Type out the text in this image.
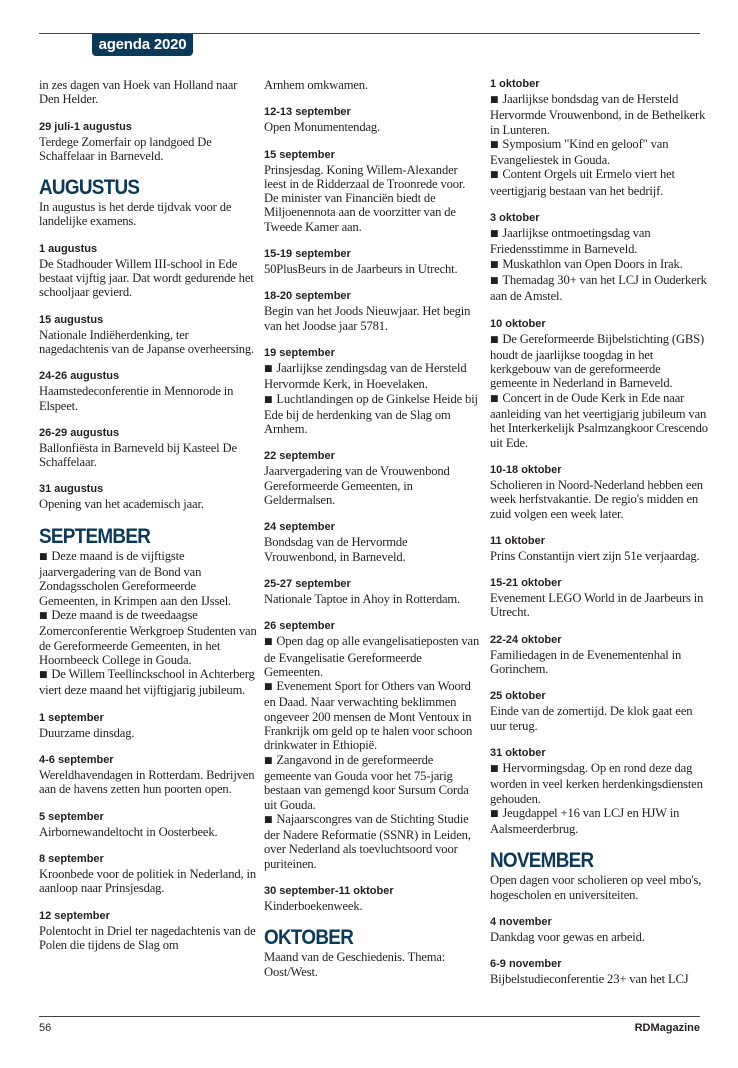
agenda 2020
in zes dagen van Hoek van Holland naar Den Helder.
29 juli-1 augustus
Terdege Zomerfair op landgoed De Schaffelaar in Barneveld.
AUGUSTUS
In augustus is het derde tijdvak voor de landelijke examens.
1 augustus
De Stadhouder Willem III-school in Ede bestaat vijftig jaar. Dat wordt gedurende het schooljaar gevierd.
15 augustus
Nationale Indiëherdenking, ter nagedachtenis van de Japanse overheersing.
24-26 augustus
Haamstedeconferentie in Mennorode in Elspeet.
26-29 augustus
Ballonfiësta in Barneveld bij Kasteel De Schaffelaar.
31 augustus
Opening van het academisch jaar.
SEPTEMBER
■ Deze maand is de vijftigste jaarvergadering van de Bond van Zondagsscholen Gereformeerde Gemeenten, in Krimpen aan den IJssel.
■ Deze maand is de tweedaagse Zomerconferentie Werkgroep Studenten van de Gereformeerde Gemeenten, in het Hoornbeeck College in Gouda.
■ De Willem Teellinckschool in Achterberg viert deze maand het vijftigjarig jubileum.
1 september
Duurzame dinsdag.
4-6 september
Wereldhavendagen in Rotterdam. Bedrijven aan de havens zetten hun poorten open.
5 september
Airbornewandeltocht in Oosterbeek.
8 september
Kroonbede voor de politiek in Nederland, in aanloop naar Prinsjesdag.
12 september
Polentocht in Driel ter nagedachtenis van de Polen die tijdens de Slag om
Arnhem omkwamen.
12-13 september
Open Monumentendag.
15 september
Prinsjesdag. Koning Willem-Alexander leest in de Ridderzaal de Troonrede voor. De minister van Financiën biedt de Miljoenennota aan de voorzitter van de Tweede Kamer aan.
15-19 september
50PlusBeurs in de Jaarbeurs in Utrecht.
18-20 september
Begin van het Joods Nieuwjaar. Het begin van het Joodse jaar 5781.
19 september
■ Jaarlijkse zendingsdag van de Hersteld Hervormde Kerk, in Hoevelaken.
■ Luchtlandingen op de Ginkelse Heide bij Ede bij de herdenking van de Slag om Arnhem.
22 september
Jaarvergadering van de Vrouwenbond Gereformeerde Gemeenten, in Geldermalsen.
24 september
Bondsdag van de Hervormde Vrouwenbond, in Barneveld.
25-27 september
Nationale Taptoe in Ahoy in Rotterdam.
26 september
■ Open dag op alle evangelisatieposten van de Evangelisatie Gereformeerde Gemeenten.
■ Evenement Sport for Others van Woord en Daad. Naar verwachting beklimmen ongeveer 200 mensen de Mont Ventoux in Frankrijk om geld op te halen voor schoon drinkwater in Ethiopië.
■ Zangavond in de gereformeerde gemeente van Gouda voor het 75-jarig bestaan van gemengd koor Sursum Corda uit Gouda.
■ Najaarscongres van de Stichting Studie der Nadere Reformatie (SSNR) in Leiden, over Nederland als toevluchtsoord voor puriteinen.
30 september-11 oktober
Kinderboekenweek.
OKTOBER
Maand van de Geschiedenis. Thema: Oost/West.
1 oktober
■ Jaarlijkse bondsdag van de Hersteld Hervormde Vrouwenbond, in de Bethelkerk in Lunteren.
■ Symposium "Kind en geloof" van Evangeliestek in Gouda.
■ Content Orgels uit Ermelo viert het veertigjarig bestaan van het bedrijf.
3 oktober
■ Jaarlijkse ontmoetingsdag van Friedensstimme in Barneveld.
■ Muskathlon van Open Doors in Irak.
■ Themadag 30+ van het LCJ in Ouderkerk aan de Amstel.
10 oktober
■ De Gereformeerde Bijbelstichting (GBS) houdt de jaarlijkse toogdag in het kerkgebouw van de gereformeerde gemeente in Nederland in Barneveld.
■ Concert in de Oude Kerk in Ede naar aanleiding van het veertigjarig jubileum van het Interkerkelijk Psalmzangkoor Crescendo uit Ede.
10-18 oktober
Scholieren in Noord-Nederland hebben een week herfstvakantie. De regio's midden en zuid volgen een week later.
11 oktober
Prins Constantijn viert zijn 51e verjaardag.
15-21 oktober
Evenement LEGO World in de Jaarbeurs in Utrecht.
22-24 oktober
Familiedagen in de Evenementenhal in Gorinchem.
25 oktober
Einde van de zomertijd. De klok gaat een uur terug.
31 oktober
■ Hervormingsdag. Op en rond deze dag worden in veel kerken herdenkingsdiensten gehouden.
■ Jeugdappel +16 van LCJ en HJW in Aalsmeerderbrug.
NOVEMBER
Open dagen voor scholieren op veel mbo's, hogescholen en universiteiten.
4 november
Dankdag voor gewas en arbeid.
6-9 november
Bijbelstudieconferentie 23+ van het LCJ
56	RDMagazine
